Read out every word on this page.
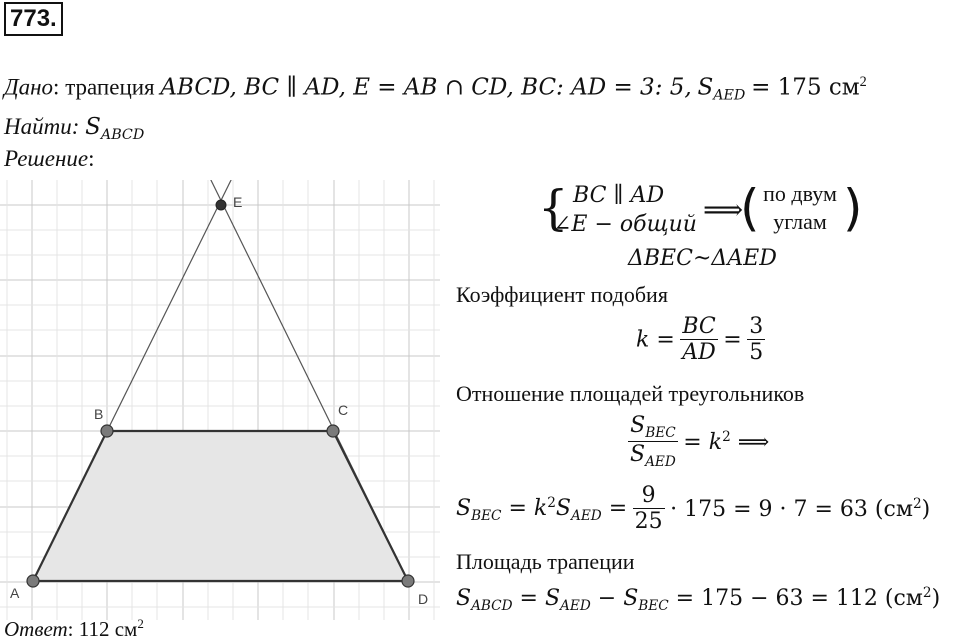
773.
Дано: трапеция ABCD, BC ∥ AD, E = AB ∩ CD, BC: AD = 3: 5, $S_{AED} = 175$ $см^2$
Найти: $S_{ABCD}$
Решение:
A
B	C
D
E	{ BC ∥ AD
∠E − общий ⟹
( по двум
углам )
ΔBEC~ΔAED
Коэффициент подобия
$k = \frac{BC}{AD} = \frac{3}{5}$
Отношение площадей треугольников
$\frac{S_{BEC}}{S_{AED}} = k^2$ ⟹
$S_{BEC} = k^2S_{AED} = \frac{9}{25} \cdot 175 = 9 \cdot 7 = 63$ $(см^2)$
Площадь трапеции
$S_{ABCD} = S_{AED} - S_{BEC} = 175 - 63 = 112$ $(см^2)$
Ответ: 112 $см^2$
